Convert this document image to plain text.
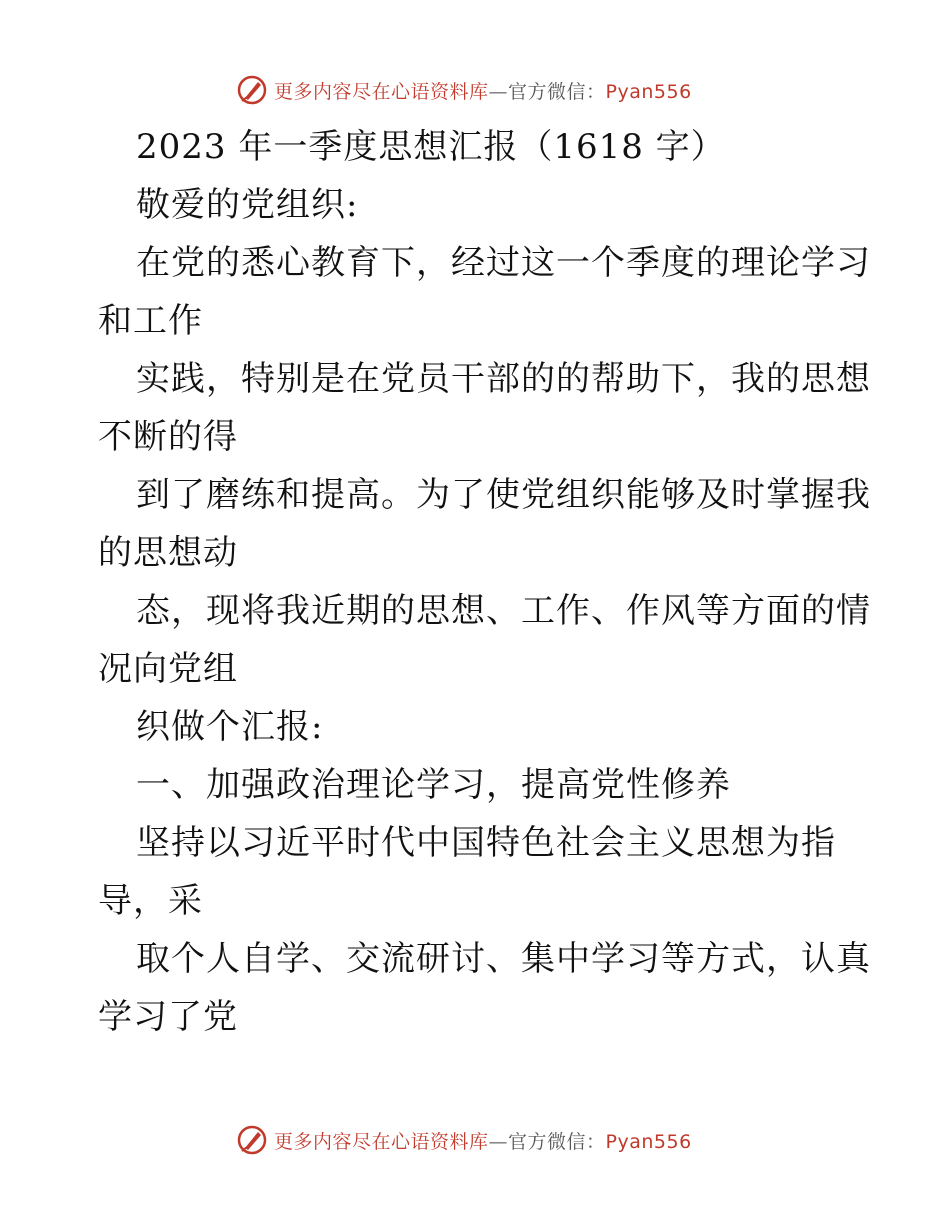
更多内容尽在心语资料库—官方微信：Pyan556
2023 年一季度思想汇报（1618 字）
敬爱的党组织:
在党的悉心教育下，经过这一个季度的理论学习
和工作
实践，特别是在党员干部的的帮助下，我的思想
不断的得
到了磨练和提高。为了使党组织能够及时掌握我
的思想动
态，现将我近期的思想、工作、作风等方面的情
况向党组
织做个汇报:
一、加强政治理论学习，提高党性修养
坚持以习近平时代中国特色社会主义思想为指
导，采
取个人自学、交流研讨、集中学习等方式，认真
学习了党
更多内容尽在心语资料库—官方微信：Pyan556
